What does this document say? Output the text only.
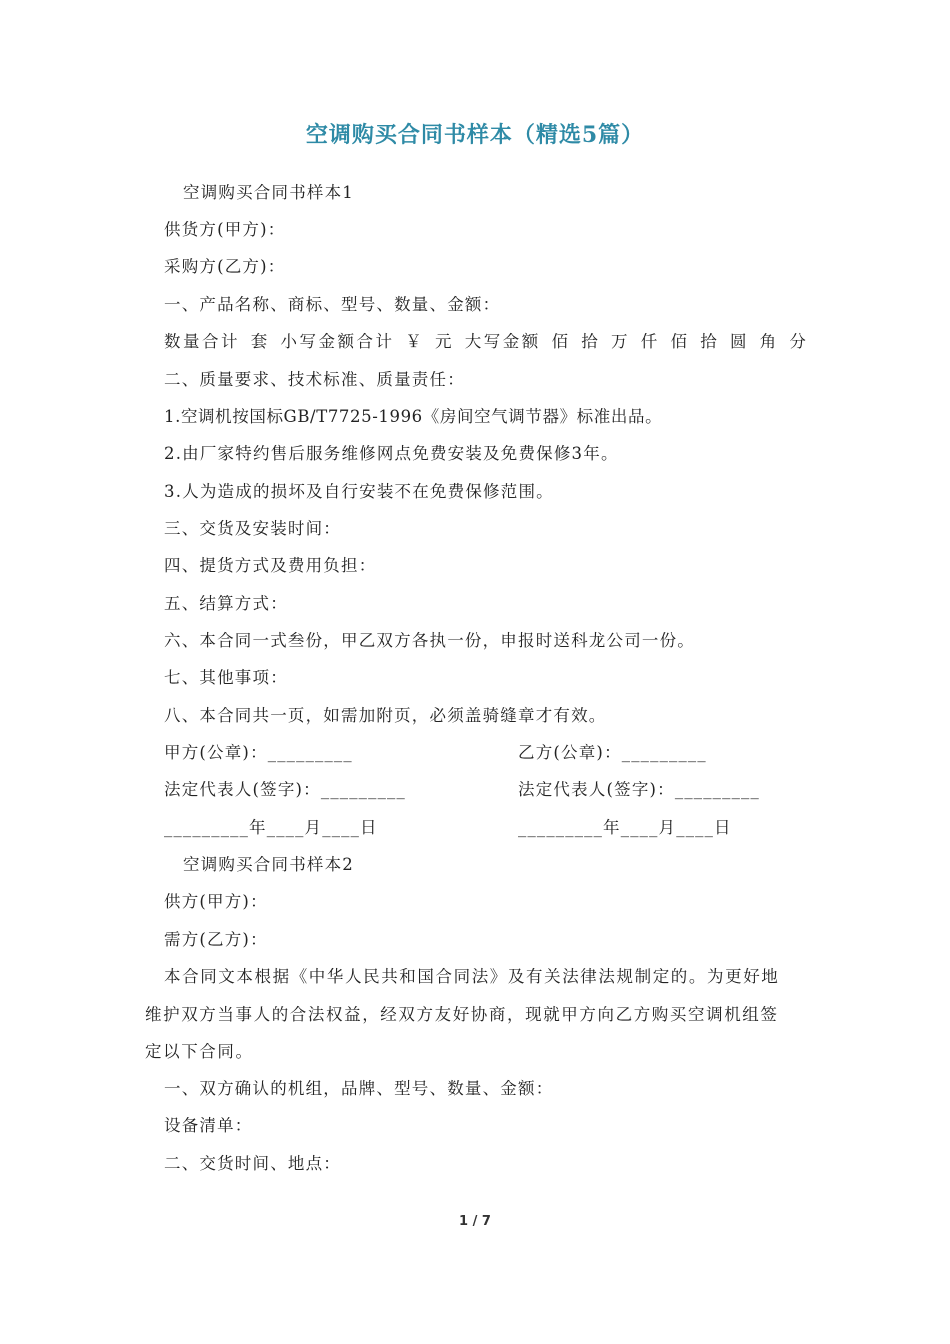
空调购买合同书样本（精选5篇）
空调购买合同书样本1
供货方(甲方)：
采购方(乙方)：
一、产品名称、商标、型号、数量、金额：
数量合计 套 小写金额合计 ￥ 元 大写金额 佰 拾 万 仟 佰 拾 圆 角 分
二、质量要求、技术标准、质量责任：
1.空调机按国标GB/T7725-1996《房间空气调节器》标准出品。
2.由厂家特约售后服务维修网点免费安装及免费保修3年。
3.人为造成的损坏及自行安装不在免费保修范围。
三、交货及安装时间：
四、提货方式及费用负担：
五、结算方式：
六、本合同一式叁份，甲乙双方各执一份，申报时送科龙公司一份。
七、其他事项：
八、本合同共一页，如需加附页，必须盖骑缝章才有效。
甲方(公章)：_________	乙方(公章)：_________
法定代表人(签字)：_________	法定代表人(签字)：_________
_________年____月____日	_________年____月____日
空调购买合同书样本2
供方(甲方)：
需方(乙方)：
本合同文本根据《中华人民共和国合同法》及有关法律法规制定的。为更好地
维护双方当事人的合法权益，经双方友好协商，现就甲方向乙方购买空调机组签
定以下合同。
一、双方确认的机组，品牌、型号、数量、金额：
设备清单：
二、交货时间、地点：
1 / 7
